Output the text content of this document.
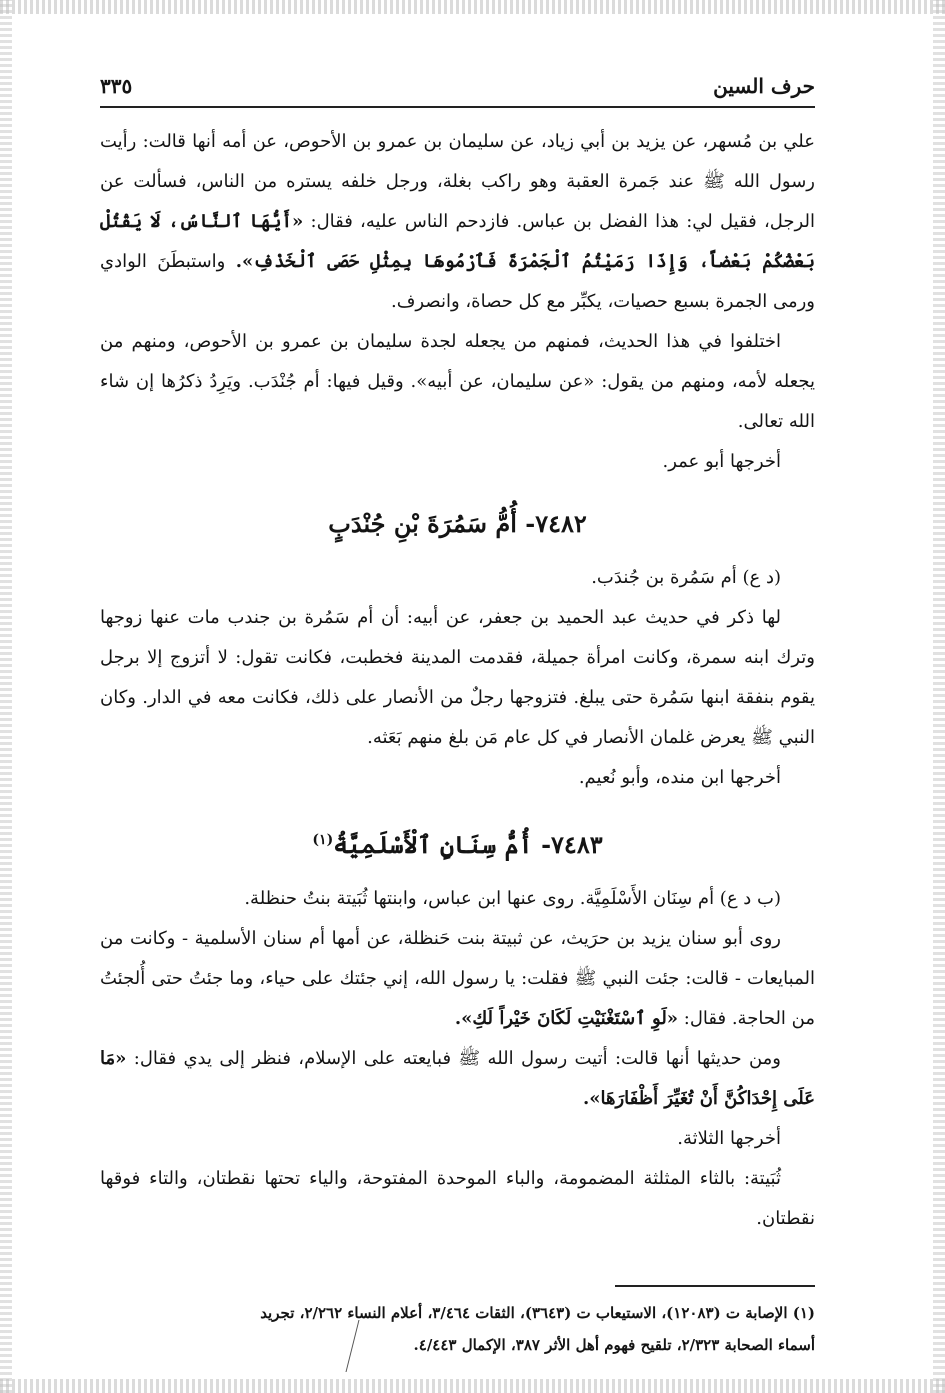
حرف السين
٣٣٥

علي بن مُسهر، عن يزيد بن أبي زياد، عن سليمان بن عمرو بن الأحوص، عن أمه أنها قالت: رأيت رسول الله ﷺ عند جَمرة العقبة وهو راكب بغلة، ورجل خلفه يستره من الناس، فسألت عن الرجل، فقيل لي: هذا الفضل بن عباس. فازدحم الناس عليه، فقال: «أَيُّهَا ٱلنَّاسُ، لَا يَقْتُلْ بَعْضُكُمْ بَعْضاً، وَإِذَا رَمَيْتُمُ ٱلْجَمْرَةَ فَٱرْمُوهَا بِمِثْلِ حَصَى ٱلْخَذْفِ». واستبطَنَ الوادي ورمى الجمرة بسبع حصيات، يكبِّر مع كل حصاة، وانصرف.

اختلفوا في هذا الحديث، فمنهم من يجعله لجدة سليمان بن عمرو بن الأحوص، ومنهم من يجعله لأمه، ومنهم من يقول: «عن سليمان، عن أبيه». وقيل فيها: أم جُنْدَب. ويَرِدُ ذكرُها إن شاء الله تعالى.

أخرجها أبو عمر.

٧٤٨٢- أُمُّ سَمُرَةَ بْنِ جُنْدَبٍ

(د ع) أم سَمُرة بن جُندَب.

لها ذكر في حديث عبد الحميد بن جعفر، عن أبيه: أن أم سَمُرة بن جندب مات عنها زوجها وترك ابنه سمرة، وكانت امرأة جميلة، فقدمت المدينة فخطبت، فكانت تقول: لا أتزوج إلا برجل يقوم بنفقة ابنها سَمُرة حتى يبلغ. فتزوجها رجلٌ من الأنصار على ذلك، فكانت معه في الدار. وكان النبي ﷺ يعرض غلمان الأنصار في كل عام مَن بلغ منهم بَعَثه.

أخرجها ابن منده، وأبو نُعيم.

٧٤٨٣- أُمُّ سِنَانٍ ٱلْأَسْلَمِيَّةُ$^{(١)}$

(ب د ع) أم سِنَان الأَسْلَمِيَّة. روى عنها ابن عباس، وابنتها ثُبَيتة بنتُ حنظلة.

روى أبو سنان يزيد بن حرَيث، عن ثبيتة بنت حَنظلة، عن أمها أم سنان الأسلمية - وكانت من المبايعات - قالت: جئت النبي ﷺ فقلت: يا رسول الله، إني جئتك على حياء، وما جئتُ حتى أُلجئتُ من الحاجة. فقال: «لَوِ ٱسْتَغْنَيْتِ لَكَانَ خَيْراً لَكِ».

ومن حديثها أنها قالت: أتيت رسول الله ﷺ فبايعته على الإسلام، فنظر إلى يدي فقال: «مَا عَلَى إِحْدَاكُنَّ أَنْ تُغَيِّرَ أَظْفَارَهَا».

أخرجها الثلاثة.

ثُبَيتة: بالثاء المثلثة المضمومة، والباء الموحدة المفتوحة، والياء تحتها نقطتان، والتاء فوقها نقطتان.

(١) الإصابة ت (١٢٠٨٣)، الاستيعاب ت (٣٦٤٣)، الثقات ٣/٤٦٤، أعلام النساء ٢/٢٦٢، تجريد

أسماء الصحابة ٢/٣٢٣، تلقيح فهوم أهل الأثر ٣٨٧، الإكمال ٤/٤٤٣.
